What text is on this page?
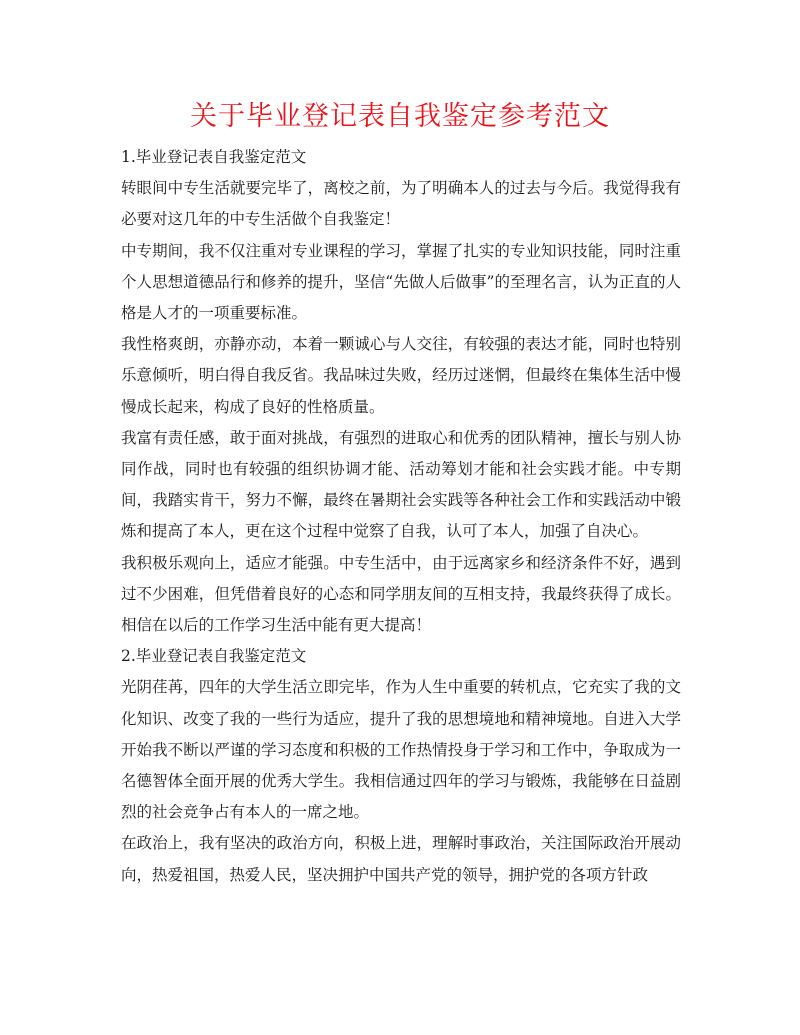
关于毕业登记表自我鉴定参考范文

1.毕业登记表自我鉴定范文

转眼间中专生活就要完毕了，离校之前，为了明确本人的过去与今后。我觉得我有必要对这几年的中专生活做个自我鉴定！

中专期间，我不仅注重对专业课程的学习，掌握了扎实的专业知识技能，同时注重个人思想道德品行和修养的提升，坚信“先做人后做事”的至理名言，认为正直的人格是人才的一项重要标准。

我性格爽朗，亦静亦动，本着一颗诚心与人交往，有较强的表达才能，同时也特别乐意倾听，明白得自我反省。我品味过失败，经历过迷惘，但最终在集体生活中慢慢成长起来，构成了良好的性格质量。

我富有责任感，敢于面对挑战，有强烈的进取心和优秀的团队精神，擅长与别人协同作战，同时也有较强的组织协调才能、活动筹划才能和社会实践才能。中专期间，我踏实肯干，努力不懈，最终在暑期社会实践等各种社会工作和实践活动中锻炼和提高了本人，更在这个过程中觉察了自我，认可了本人，加强了自决心。

我积极乐观向上，适应才能强。中专生活中，由于远离家乡和经济条件不好，遇到过不少困难，但凭借着良好的心态和同学朋友间的互相支持，我最终获得了成长。相信在以后的工作学习生活中能有更大提高！

2.毕业登记表自我鉴定范文

光阴荏苒，四年的大学生活立即完毕，作为人生中重要的转机点，它充实了我的文化知识、改变了我的一些行为适应，提升了我的思想境地和精神境地。自进入大学开始我不断以严谨的学习态度和积极的工作热情投身于学习和工作中，争取成为一名德智体全面开展的优秀大学生。我相信通过四年的学习与锻炼，我能够在日益剧烈的社会竞争占有本人的一席之地。

在政治上，我有坚决的政治方向，积极上进，理解时事政治，关注国际政治开展动向，热爱祖国，热爱人民，坚决拥护中国共产党的领导，拥护党的各项方针政
